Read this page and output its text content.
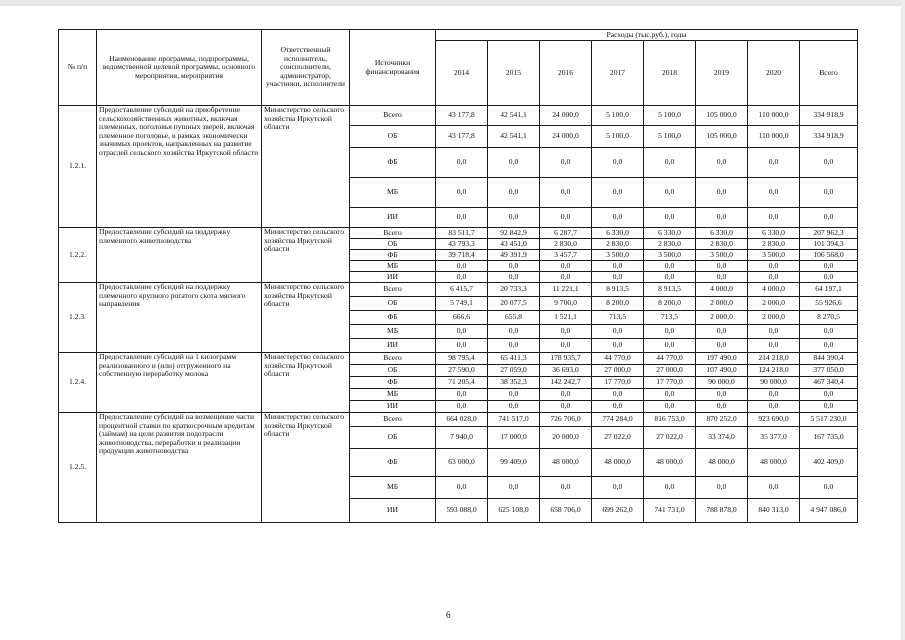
№ п/п	Наименование программы, подпрограммы, ведомственной целевой программы, основного мероприятия, мероприятия	Ответственный исполнитель, соисполнители, администратор, участники, исполнители	Источники финансирования	Расходы (тыс.руб.), годы							
				2014	2015	2016	2017	2018	2019	2020	Всего
1.2.1.	Предоставление субсидий на приобретение сельскохозяйственных животных, включая племенных, поголовья пушных зверей, включая племенное поголовье, в рамках экономически значимых проектов, направленных на развитие отраслей сельского хозяйства Иркутской области	Министерство сельского хозяйства Иркутской области	Всего	43 177,8	42 541,1	24 000,0	5 100,0	5 100,0	105 000,0	110 000,0	334 918,9
			ОБ	43 177,8	42 541,1	24 000,0	5 100,0	5 100,0	105 000,0	110 000,0	334 918,9
			ФБ	0,0	0,0	0,0	0,0	0,0	0,0	0,0	0,0
			МБ	0,0	0,0	0,0	0,0	0,0	0,0	0,0	0,0
			ИИ	0,0	0,0	0,0	0,0	0,0	0,0	0,0	0,0
1.2.2.	Предоставление субсидий на поддержку племенного животноводства	Министерство сельского хозяйства Иркутской области	Всего	83 511,7	92 842,9	6 287,7	6 330,0	6 330,0	6 330,0	6 330,0	207 962,3
			ОБ	43 793,3	43 451,0	2 830,0	2 830,0	2 830,0	2 830,0	2 830,0	101 394,3
			ФБ	39 718,4	49 391,9	3 457,7	3 500,0	3 500,0	3 500,0	3 500,0	106 568,0
			МБ	0,0	0,0	0,0	0,0	0,0	0,0	0,0	0,0
			ИИ	0,0	0,0	0,0	0,0	0,0	0,0	0,0	0,0
1.2.3.	Предоставление субсидий на поддержку племенного крупного рогатого скота мясного направления	Министерство сельского хозяйства Иркутской области	Всего	6 415,7	20 733,3	11 221,1	8 913,5	8 913,5	4 000,0	4 000,0	64 197,1
			ОБ	5 749,1	20 077,5	9 700,0	8 200,0	8 200,0	2 000,0	2 000,0	55 926,6
			ФБ	666,6	655,8	1 521,1	713,5	713,5	2 000,0	2 000,0	8 270,5
			МБ	0,0	0,0	0,0	0,0	0,0	0,0	0,0	0,0
			ИИ	0,0	0,0	0,0	0,0	0,0	0,0	0,0	0,0
1.2.4.	Предоставление субсидий на 1 килограмм реализованного и (или) отгруженного на собственную переработку молока	Министерство сельского хозяйства Иркутской области	Всего	98 795,4	65 411,3	178 935,7	44 770,0	44 770,0	197 490,0	214 218,0	844 390,4
			ОБ	27 590,0	27 059,0	36 693,0	27 000,0	27 000,0	107 490,0	124 218,0	377 050,0
			ФБ	71 205,4	38 352,3	142 242,7	17 770,0	17 770,0	90 000,0	90 000,0	467 340,4
			МБ	0,0	0,0	0,0	0,0	0,0	0,0	0,0	0,0
			ИИ	0,0	0,0	0,0	0,0	0,0	0,0	0,0	0,0
1.2.5.	Предоставление субсидий на возмещение части процентной ставки по краткосрочным кредитам (займам) на цели развития подотрасли животноводства, переработки и реализации продукции животноводства	Министерство сельского хозяйства Иркутской области	Всего	664 028,0	741 517,0	726 706,0	774 284,0	816 753,0	870 252,0	923 690,0	5 517 230,0
			ОБ	7 940,0	17 000,0	20 000,0	27 022,0	27 022,0	33 374,0	35 377,0	167 735,0
			ФБ	63 000,0	99 409,0	48 000,0	48 000,0	48 000,0	48 000,0	48 000,0	402 409,0
			МБ	0,0	0,0	0,0	0,0	0,0	0,0	0,0	0,0
			ИИ	593 088,0	625 108,0	658 706,0	699 262,0	741 731,0	788 878,0	840 313,0	4 947 086,0
6
